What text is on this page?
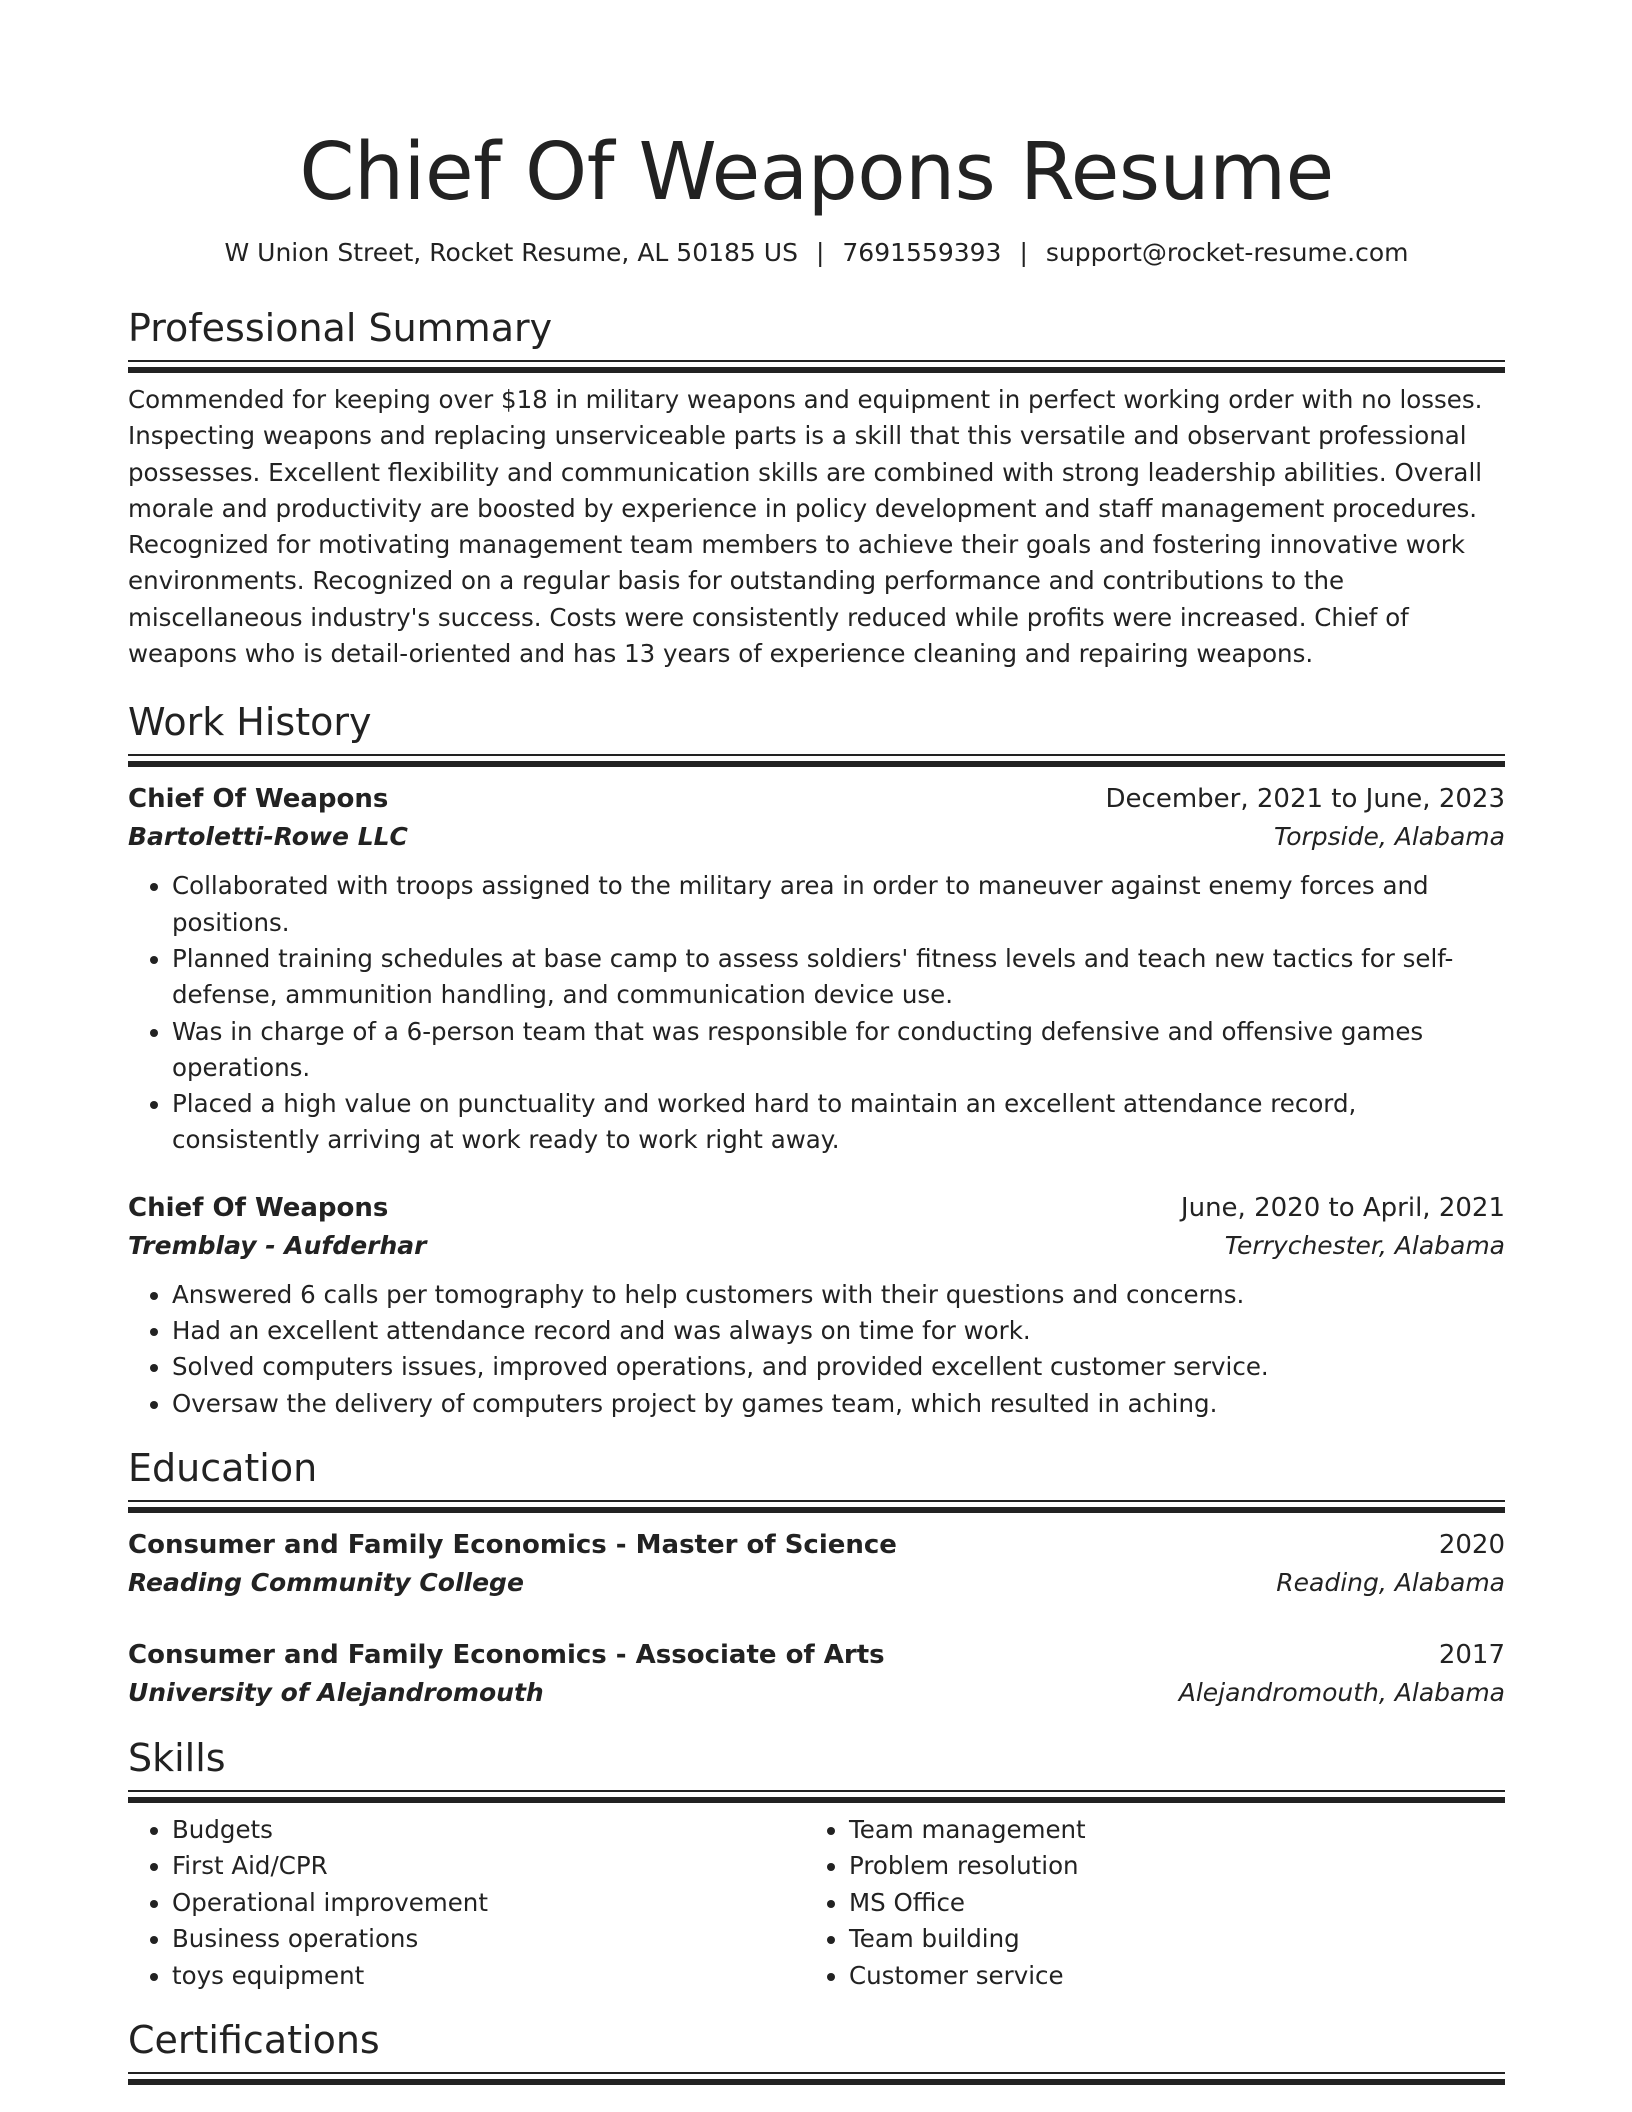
Chief Of Weapons Resume
W Union Street, Rocket Resume, AL 50185 US | 7691559393 | support@rocket-resume.com
Professional Summary
Commended for keeping over $18 in military weapons and equipment in perfect working order with no losses. Inspecting weapons and replacing unserviceable parts is a skill that this versatile and observant professional possesses. Excellent flexibility and communication skills are combined with strong leadership abilities. Overall morale and productivity are boosted by experience in policy development and staff management procedures. Recognized for motivating management team members to achieve their goals and fostering innovative work environments. Recognized on a regular basis for outstanding performance and contributions to the miscellaneous industry's success. Costs were consistently reduced while profits were increased. Chief of weapons who is detail-oriented and has 13 years of experience cleaning and repairing weapons.
Work History
Chief Of Weapons	December, 2021 to June, 2023
Bartoletti-Rowe LLC	Torpside, Alabama
• Collaborated with troops assigned to the military area in order to maneuver against enemy forces and positions.
• Planned training schedules at base camp to assess soldiers' fitness levels and teach new tactics for self-defense, ammunition handling, and communication device use.
• Was in charge of a 6-person team that was responsible for conducting defensive and offensive games operations.
• Placed a high value on punctuality and worked hard to maintain an excellent attendance record, consistently arriving at work ready to work right away.
Chief Of Weapons	June, 2020 to April, 2021
Tremblay - Aufderhar	Terrychester, Alabama
• Answered 6 calls per tomography to help customers with their questions and concerns.
• Had an excellent attendance record and was always on time for work.
• Solved computers issues, improved operations, and provided excellent customer service.
• Oversaw the delivery of computers project by games team, which resulted in aching.
Education
Consumer and Family Economics - Master of Science	2020
Reading Community College	Reading, Alabama
Consumer and Family Economics - Associate of Arts	2017
University of Alejandromouth	Alejandromouth, Alabama
Skills
• Budgets
• First Aid/CPR
• Operational improvement
• Business operations
• toys equipment
• Team management
• Problem resolution
• MS Office
• Team building
• Customer service
Certifications
